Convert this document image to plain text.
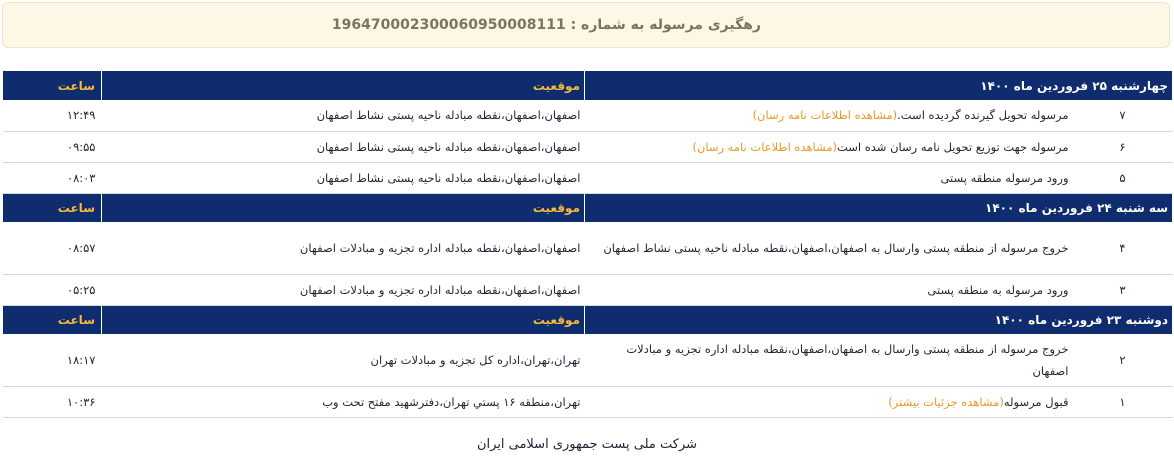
رهگیری مرسوله به شماره : 196470002300060950008111
چهارشنبه ۲۵ فروردین ماه ۱۴۰۰		موقعیت	ساعت
۷	مرسوله تحویل گیرنده گردیده است.(مشاهده اطلاعات نامه رسان)	اصفهان،اصفهان،نقطه مبادله ناحیه پستی نشاط اصفهان	۱۲:۴۹
۶	مرسوله جهت توزیع تحویل نامه رسان شده است(مشاهده اطلاعات نامه رسان)	اصفهان،اصفهان،نقطه مبادله ناحیه پستی نشاط اصفهان	۰۹:۵۵
۵	ورود مرسوله منطقه پستی	اصفهان،اصفهان،نقطه مبادله ناحیه پستی نشاط اصفهان	۰۸:۰۳
سه شنبه ۲۴ فروردین ماه ۱۴۰۰		موقعیت	ساعت
۴	خروج مرسوله از منطقه پستی وارسال به اصفهان،اصفهان،نقطه مبادله ناحیه پستی نشاط اصفهان	اصفهان،اصفهان،نقطه مبادله اداره تجزیه و مبادلات اصفهان	۰۸:۵۷
۳	ورود مرسوله به منطقه پستی	اصفهان،اصفهان،نقطه مبادله اداره تجزیه و مبادلات اصفهان	۰۵:۲۵
دوشنبه ۲۳ فروردین ماه ۱۴۰۰		موقعیت	ساعت
۲	خروج مرسوله از منطقه پستی وارسال به اصفهان،اصفهان،نقطه مبادله اداره تجزیه و مبادلات اصفهان	تهران،تهران،اداره کل تجزیه و مبادلات تهران	۱۸:۱۷
۱	قبول مرسوله(مشاهده جزئیات بیشتر)	تهران،منطقه ۱۶ پستي تهران،دفترشهید مفتح تحت وب	۱۰:۳۶
شرکت ملی پست جمهوری اسلامی ایران
